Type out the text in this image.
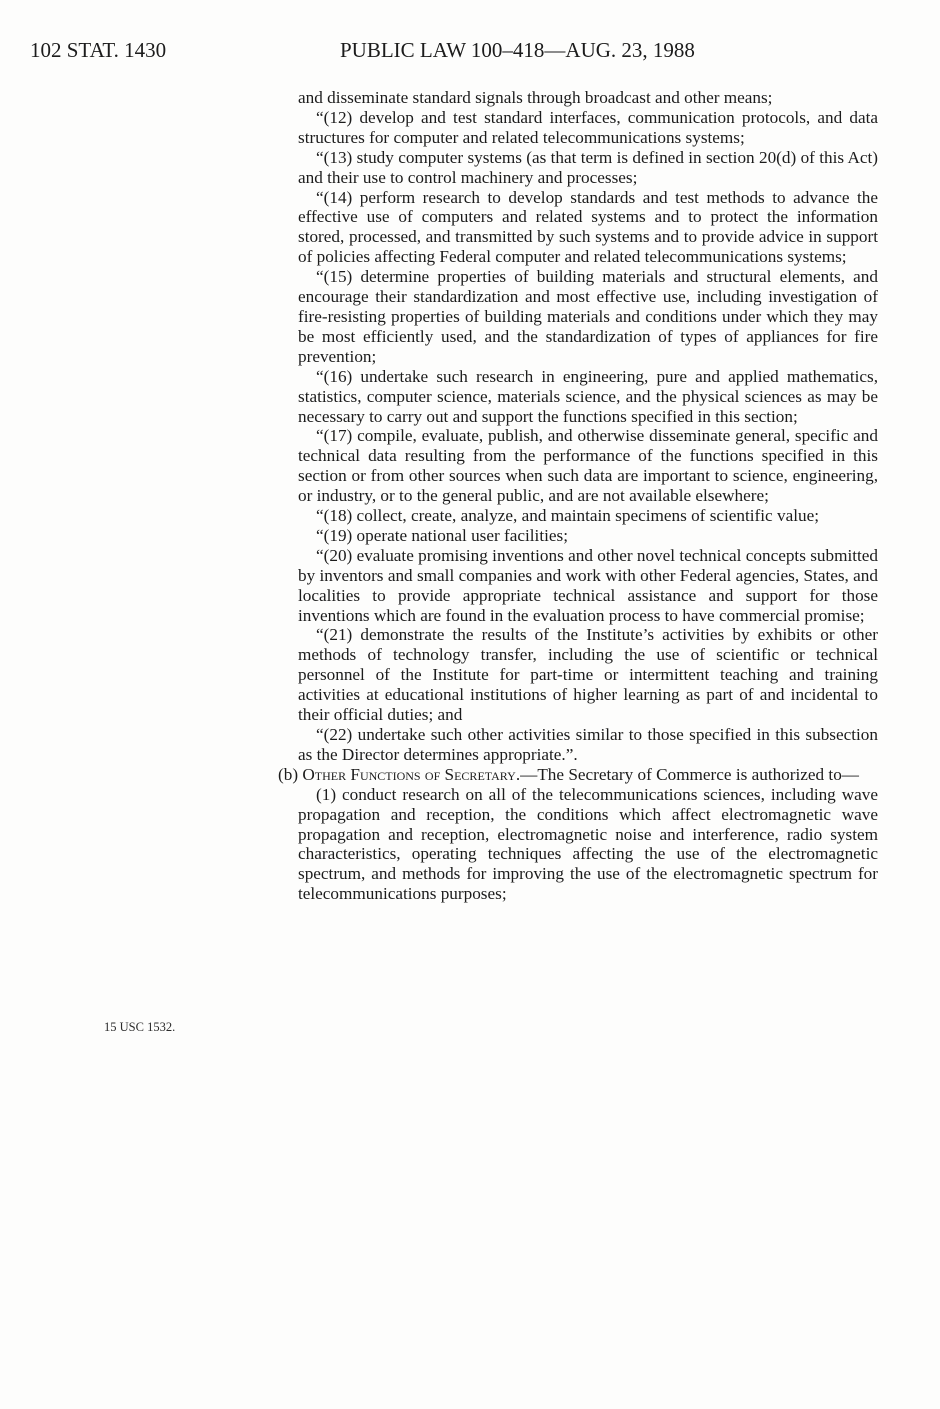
102 STAT. 1430	PUBLIC LAW 100–418—AUG. 23, 1988
15 USC 1532.

and disseminate standard signals through broadcast and other means;

“(12) develop and test standard interfaces, communication protocols, and data structures for computer and related telecommunications systems;

“(13) study computer systems (as that term is defined in section 20(d) of this Act) and their use to control machinery and processes;

“(14) perform research to develop standards and test methods to advance the effective use of computers and related systems and to protect the information stored, processed, and transmitted by such systems and to provide advice in support of policies affecting Federal computer and related telecommunications systems;

“(15) determine properties of building materials and structural elements, and encourage their standardization and most effective use, including investigation of fire-resisting properties of building materials and conditions under which they may be most efficiently used, and the standardization of types of appliances for fire prevention;

“(16) undertake such research in engineering, pure and applied mathematics, statistics, computer science, materials science, and the physical sciences as may be necessary to carry out and support the functions specified in this section;

“(17) compile, evaluate, publish, and otherwise disseminate general, specific and technical data resulting from the performance of the functions specified in this section or from other sources when such data are important to science, engineering, or industry, or to the general public, and are not available elsewhere;

“(18) collect, create, analyze, and maintain specimens of scientific value;

“(19) operate national user facilities;

“(20) evaluate promising inventions and other novel technical concepts submitted by inventors and small companies and work with other Federal agencies, States, and localities to provide appropriate technical assistance and support for those inventions which are found in the evaluation process to have commercial promise;

“(21) demonstrate the results of the Institute’s activities by exhibits or other methods of technology transfer, including the use of scientific or technical personnel of the Institute for part-time or intermittent teaching and training activities at educational institutions of higher learning as part of and incidental to their official duties; and

“(22) undertake such other activities similar to those specified in this subsection as the Director determines appropriate.”.

(b) Other Functions of Secretary.—The Secretary of Commerce is authorized to—

(1) conduct research on all of the telecommunications sciences, including wave propagation and reception, the conditions which affect electromagnetic wave propagation and reception, electromagnetic noise and interference, radio system characteristics, operating techniques affecting the use of the electromagnetic spectrum, and methods for improving the use of the electromagnetic spectrum for telecommunications purposes;
